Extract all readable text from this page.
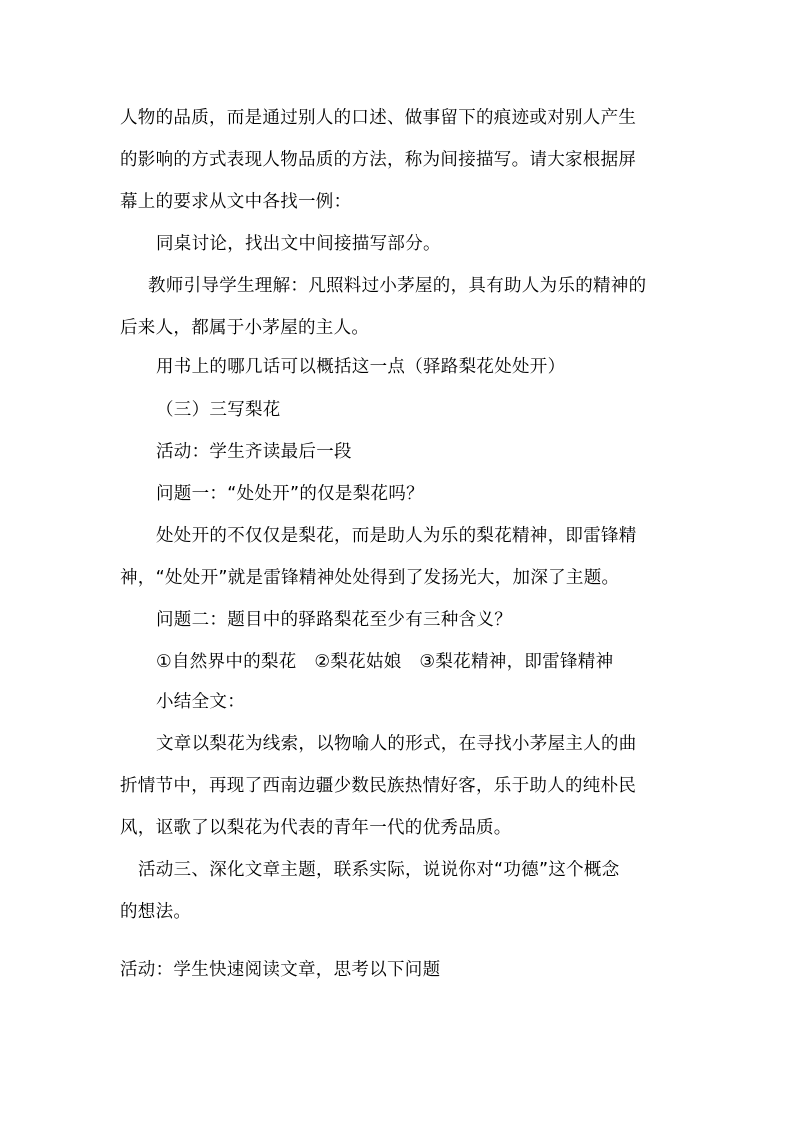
人物的品质，而是通过别人的口述、做事留下的痕迹或对别人产生
的影响的方式表现人物品质的方法，称为间接描写。请大家根据屏
幕上的要求从文中各找一例：
同桌讨论，找出文中间接描写部分。
教师引导学生理解：凡照料过小茅屋的，具有助人为乐的精神的
后来人，都属于小茅屋的主人。
用书上的哪几话可以概括这一点（驿路梨花处处开）
（三）三写梨花
活动：学生齐读最后一段
问题一：“处处开”的仅是梨花吗？
处处开的不仅仅是梨花，而是助人为乐的梨花精神，即雷锋精
神，“处处开”就是雷锋精神处处得到了发扬光大，加深了主题。
问题二：题目中的驿路梨花至少有三种含义？
①自然界中的梨花　②梨花姑娘　③梨花精神，即雷锋精神
小结全文：
文章以梨花为线索，以物喻人的形式，在寻找小茅屋主人的曲
折情节中，再现了西南边疆少数民族热情好客，乐于助人的纯朴民
风，讴歌了以梨花为代表的青年一代的优秀品质。
活动三、深化文章主题，联系实际，说说你对“功德”这个概念
的想法。
活动：学生快速阅读文章，思考以下问题
